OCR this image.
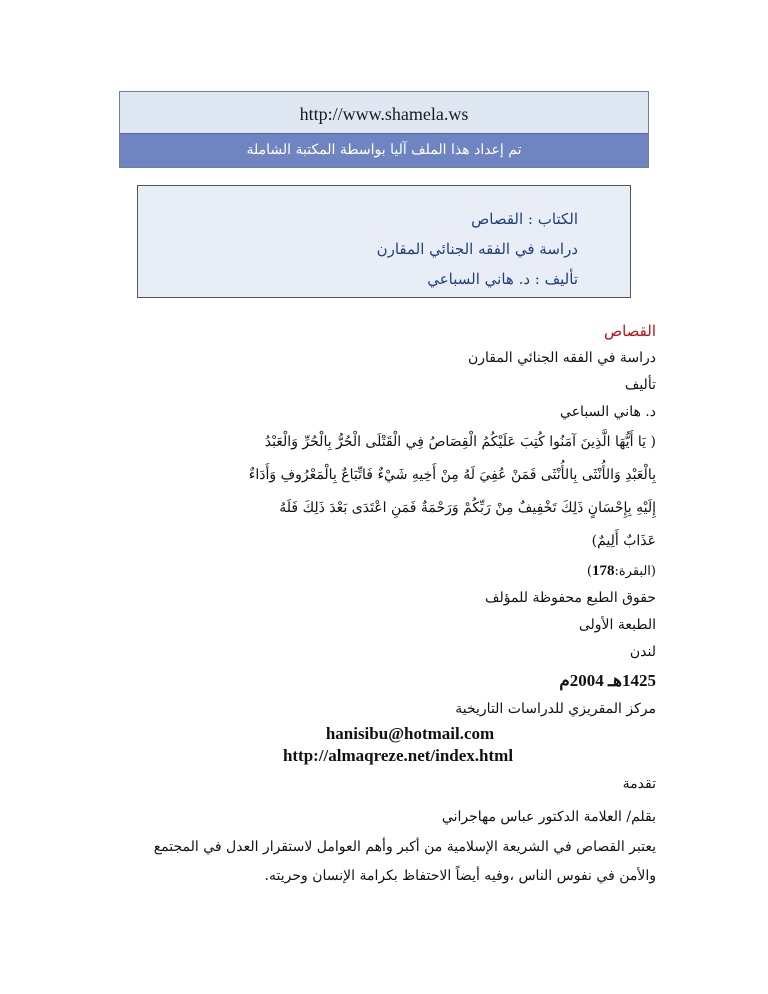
http://www.shamela.ws
تم إعداد هذا الملف آليا بواسطة المكتبة الشاملة
الكتاب : القصاص
دراسة في الفقه الجنائي المقارن
تأليف : د. هاني السباعي
القصاص
دراسة في الفقه الجنائي المقارن
تأليف
د. هاني السباعي
( يَا أَيُّهَا الَّذِينَ آمَنُوا كُتِبَ عَلَيْكُمُ الْقِصَاصُ فِي الْقَتْلَى الْحُرُّ بِالْحُرِّ وَالْعَبْدُ
بِالْعَبْدِ وَالأُنْثَى بِالأُنْثَى فَمَنْ عُفِيَ لَهُ مِنْ أَخِيهِ شَيْءٌ فَاتِّبَاعٌ بِالْمَعْرُوفِ وَأَدَاءٌ
إِلَيْهِ بِإِحْسَانٍ ذَلِكَ تَخْفِيفٌ مِنْ رَبِّكُمْ وَرَحْمَةٌ فَمَنِ اعْتَدَى بَعْدَ ذَلِكَ فَلَهُ
عَذَابٌ أَلِيمٌ)
(البقرة:178)
حقوق الطبع محفوظة للمؤلف
الطبعة الأولى
لندن
1425هـ 2004م
مركز المقريزي للدراسات التاريخية
hanisibu@hotmail.com
http://almaqreze.net/index.html
تقدمة
بقلم/ العلامة الدكتور عباس مهاجراني
يعتبر القصاص في الشريعة الإسلامية من أكبر وأهم العوامل لاستقرار العدل في المجتمع والأمن في نفوس الناس ،وفيه أيضاً الاحتفاظ بكرامة الإنسان وحريته.
